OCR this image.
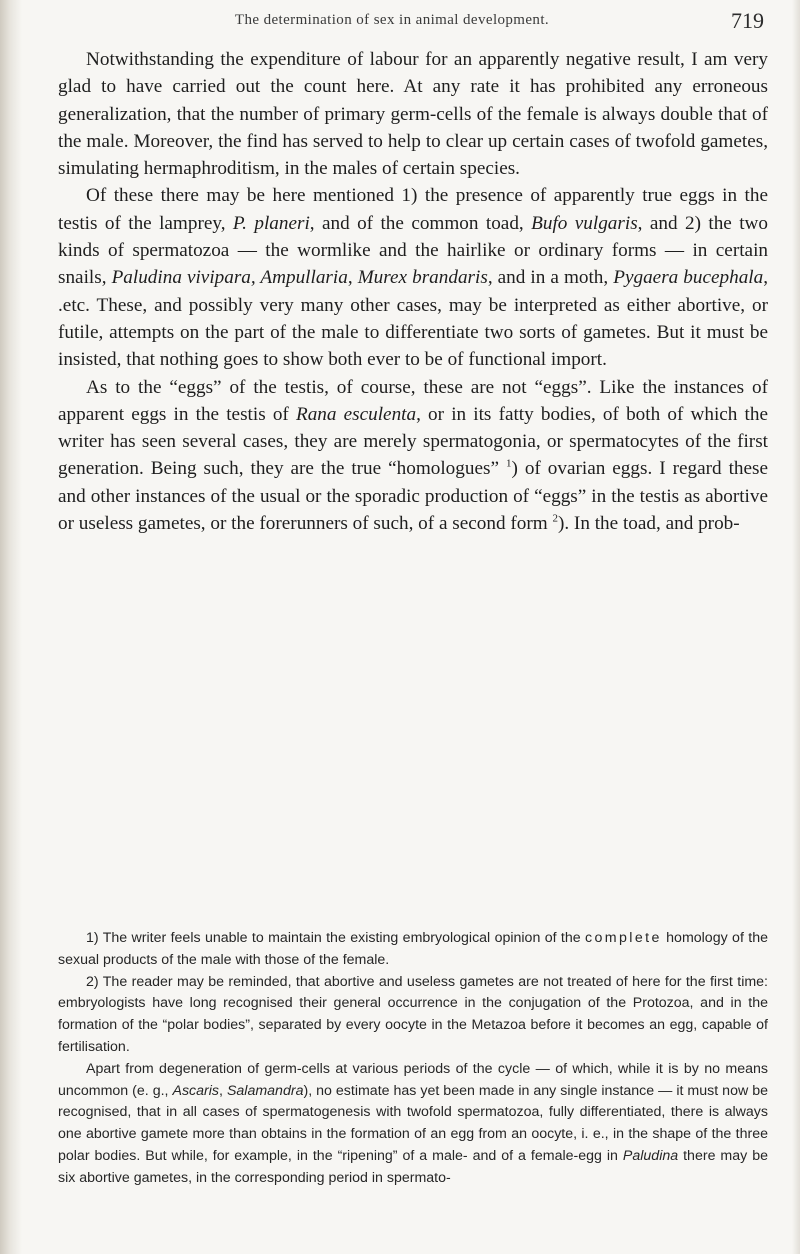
The determination of sex in animal development.	719

Notwithstanding the expenditure of labour for an apparently negative result, I am very glad to have carried out the count here. At any rate it has prohibited any erroneous generalization, that the number of primary germ-cells of the female is always double that of the male. Moreover, the find has served to help to clear up certain cases of twofold gametes, simulating hermaphroditism, in the males of certain species.

Of these there may be here mentioned 1) the presence of apparently true eggs in the testis of the lamprey, P. planeri, and of the common toad, Bufo vulgaris, and 2) the two kinds of spermatozoa — the wormlike and the hairlike or ordinary forms — in certain snails, Paludina vivipara, Ampullaria, Murex brandaris, and in a moth, Pygaera bucephala, .etc. These, and possibly very many other cases, may be interpreted as either abortive, or futile, attempts on the part of the male to differentiate two sorts of gametes. But it must be insisted, that nothing goes to show both ever to be of functional import.

As to the “eggs” of the testis, of course, these are not “eggs”. Like the instances of apparent eggs in the testis of Rana esculenta, or in its fatty bodies, of both of which the writer has seen several cases, they are merely spermatogonia, or spermatocytes of the first generation. Being such, they are the true “homologues” $^1$) of ovarian eggs. I regard these and other instances of the usual or the sporadic production of “eggs” in the testis as abortive or useless gametes, or the forerunners of such, of a second form $^2$). In the toad, and prob-

1) The writer feels unable to maintain the existing embryological opinion of the complete homology of the sexual products of the male with those of the female.

2) The reader may be reminded, that abortive and useless gametes are not treated of here for the first time: embryologists have long recognised their general occurrence in the conjugation of the Protozoa, and in the formation of the “polar bodies”, separated by every oocyte in the Metazoa before it becomes an egg, capable of fertilisation.

Apart from degeneration of germ-cells at various periods of the cycle — of which, while it is by no means uncommon (e. g., Ascaris, Salamandra), no estimate has yet been made in any single instance — it must now be recognised, that in all cases of spermatogenesis with twofold spermatozoa, fully differentiated, there is always one abortive gamete more than obtains in the formation of an egg from an oocyte, i. e., in the shape of the three polar bodies. But while, for example, in the “ripening” of a male- and of a female-egg in Paludina there may be six abortive gametes, in the corresponding period in spermato-
